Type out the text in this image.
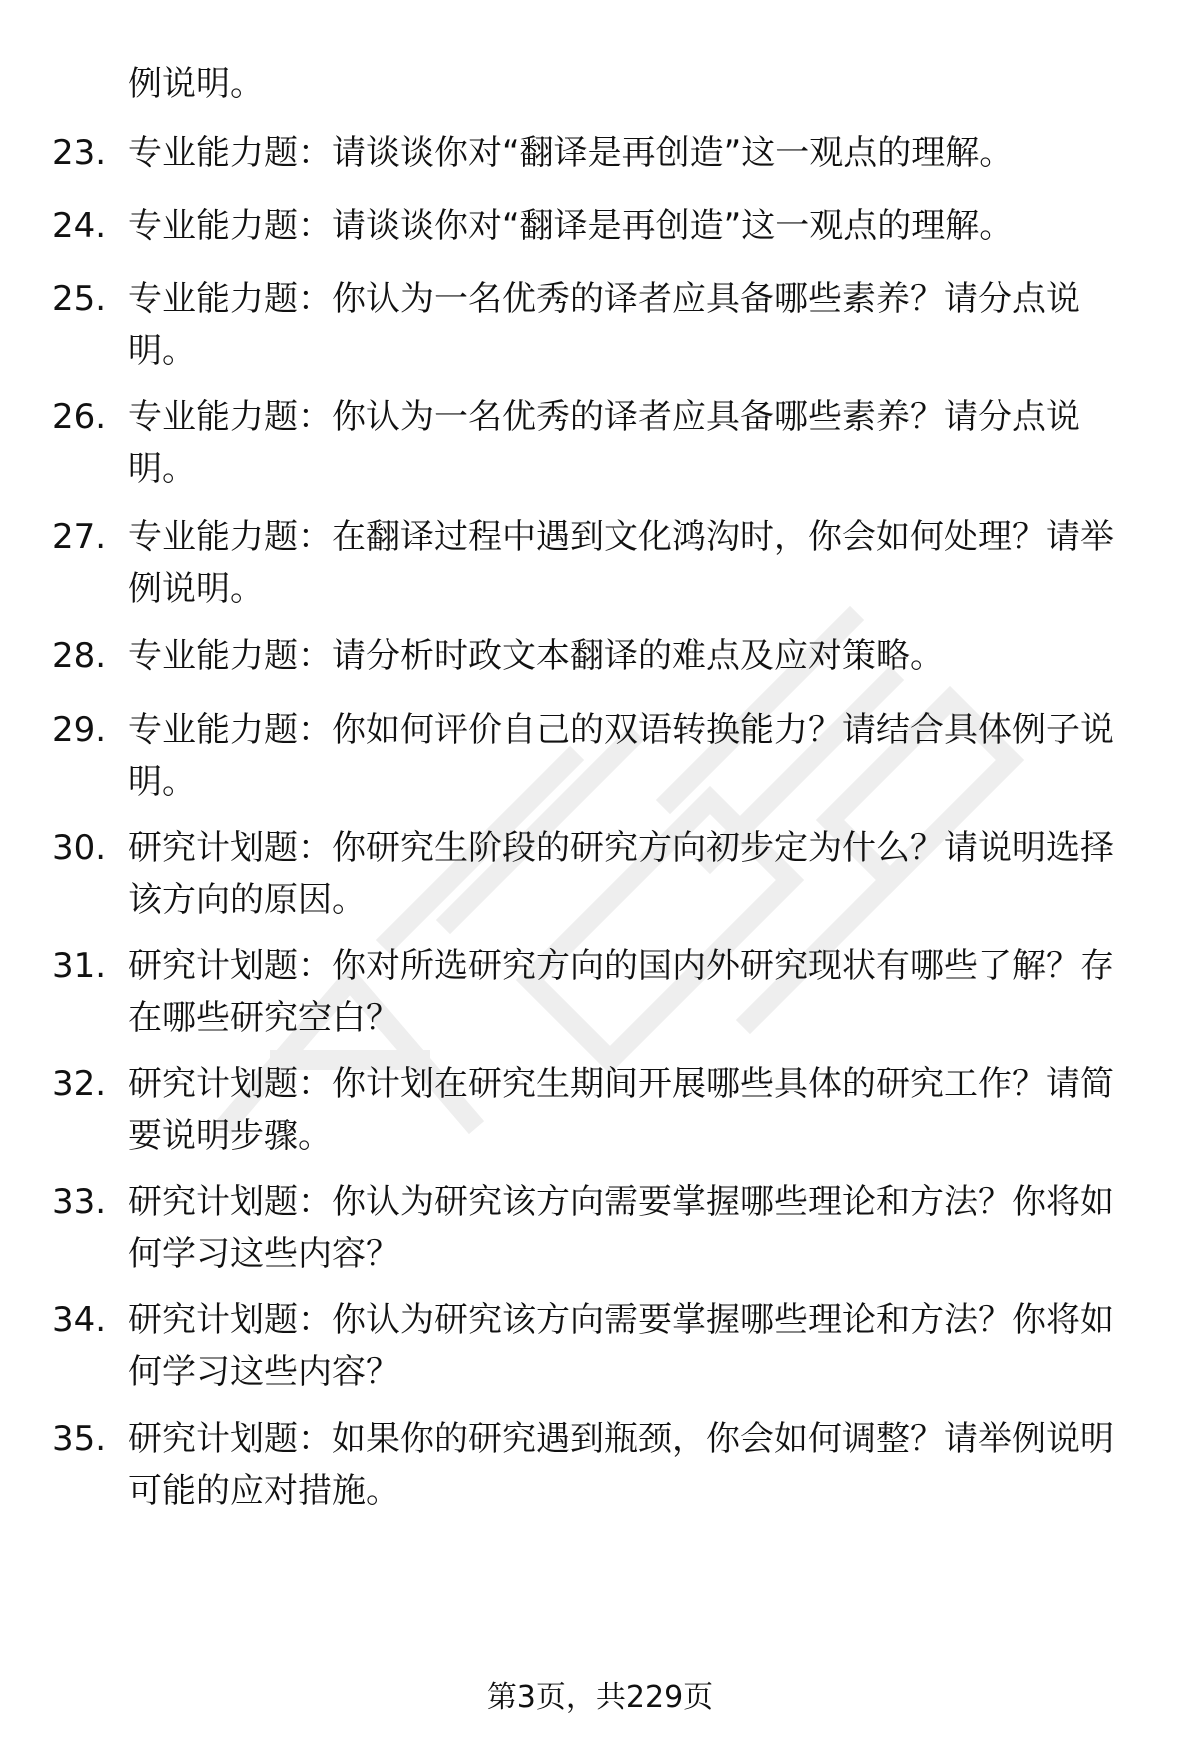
例说明。
23. 专业能力题：请谈谈你对“翻译是再创造”这一观点的理解。
24. 专业能力题：请谈谈你对“翻译是再创造”这一观点的理解。
25. 专业能力题：你认为一名优秀的译者应具备哪些素养？请分点说明。
26. 专业能力题：你认为一名优秀的译者应具备哪些素养？请分点说明。
27. 专业能力题：在翻译过程中遇到文化鸿沟时，你会如何处理？请举例说明。
28. 专业能力题：请分析时政文本翻译的难点及应对策略。
29. 专业能力题：你如何评价自己的双语转换能力？请结合具体例子说明。
30. 研究计划题：你研究生阶段的研究方向初步定为什么？请说明选择该方向的原因。
31. 研究计划题：你对所选研究方向的国内外研究现状有哪些了解？存在哪些研究空白？
32. 研究计划题：你计划在研究生期间开展哪些具体的研究工作？请简要说明步骤。
33. 研究计划题：你认为研究该方向需要掌握哪些理论和方法？你将如何学习这些内容？
34. 研究计划题：你认为研究该方向需要掌握哪些理论和方法？你将如何学习这些内容？
35. 研究计划题：如果你的研究遇到瓶颈，你会如何调整？请举例说明可能的应对措施。
第3页，共229页
